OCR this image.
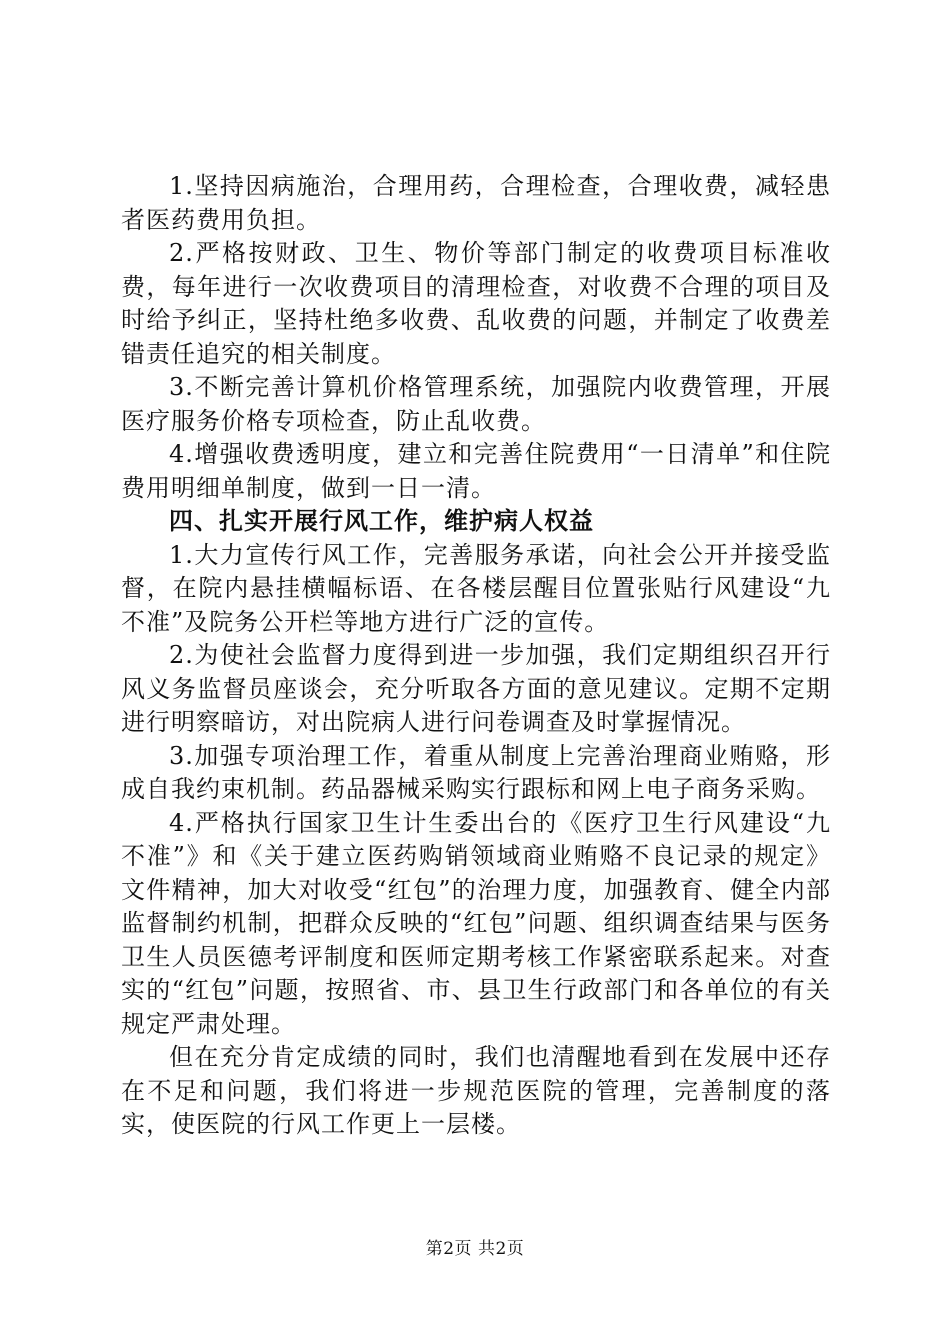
1.坚持因病施治，合理用药，合理检查，合理收费，减轻患者医药费用负担。

2.严格按财政、卫生、物价等部门制定的收费项目标准收费，每年进行一次收费项目的清理检查，对收费不合理的项目及时给予纠正，坚持杜绝多收费、乱收费的问题，并制定了收费差错责任追究的相关制度。

3.不断完善计算机价格管理系统，加强院内收费管理，开展医疗服务价格专项检查，防止乱收费。

4.增强收费透明度，建立和完善住院费用“一日清单”和住院费用明细单制度，做到一日一清。

四、扎实开展行风工作，维护病人权益

1.大力宣传行风工作，完善服务承诺，向社会公开并接受监督，在院内悬挂横幅标语、在各楼层醒目位置张贴行风建设“九不准”及院务公开栏等地方进行广泛的宣传。

2.为使社会监督力度得到进一步加强，我们定期组织召开行风义务监督员座谈会，充分听取各方面的意见建议。定期不定期进行明察暗访，对出院病人进行问卷调查及时掌握情况。

3.加强专项治理工作，着重从制度上完善治理商业贿赂，形成自我约束机制。药品器械采购实行跟标和网上电子商务采购。

4.严格执行国家卫生计生委出台的《医疗卫生行风建设“九不准”》和《关于建立医药购销领域商业贿赂不良记录的规定》文件精神，加大对收受“红包”的治理力度，加强教育、健全内部监督制约机制，把群众反映的“红包”问题、组织调查结果与医务卫生人员医德考评制度和医师定期考核工作紧密联系起来。对查实的“红包”问题，按照省、市、县卫生行政部门和各单位的有关规定严肃处理。

但在充分肯定成绩的同时，我们也清醒地看到在发展中还存在不足和问题，我们将进一步规范医院的管理，完善制度的落实，使医院的行风工作更上一层楼。

第2页 共2页
